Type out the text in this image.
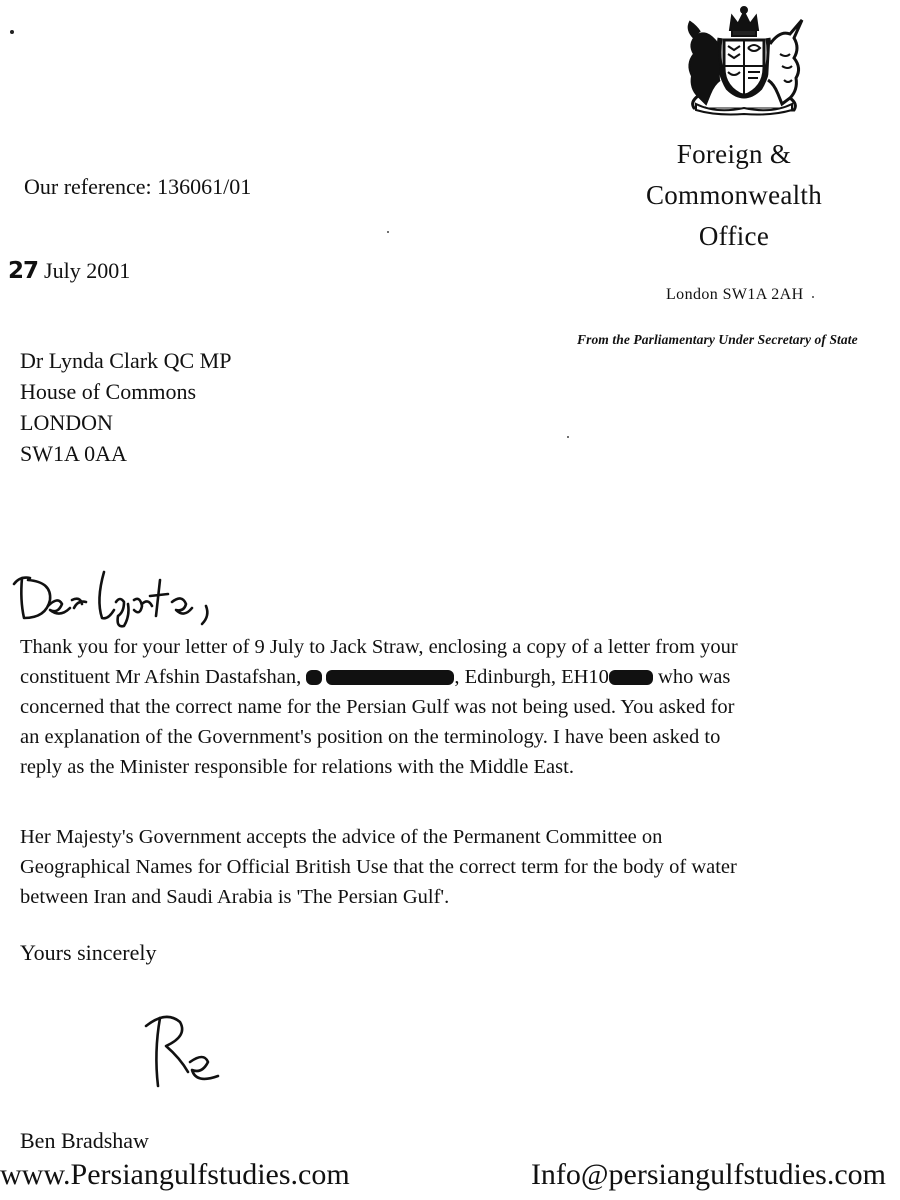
Foreign &
Commonwealth
Office
London SW1A 2AH
From the Parliamentary Under Secretary of State
Our reference: 136061/01
27 July 2001
Dr Lynda Clark QC MP
House of Commons
LONDON
SW1A 0AA

Thank you for your letter of 9 July to Jack Straw, enclosing a copy of a letter from your
constituent Mr Afshin Dastafshan,	, Edinburgh, EH10 who was
concerned that the correct name for the Persian Gulf was not being used. You asked for
an explanation of the Government's position on the terminology. I have been asked to
reply as the Minister responsible for relations with the Middle East.

Her Majesty's Government accepts the advice of the Permanent Committee on
Geographical Names for Official British Use that the correct term for the body of water
between Iran and Saudi Arabia is 'The Persian Gulf'.

Yours sincerely
Ben Bradshaw
www.Persiangulfstudies.com	Info@persiangulfstudies.com
